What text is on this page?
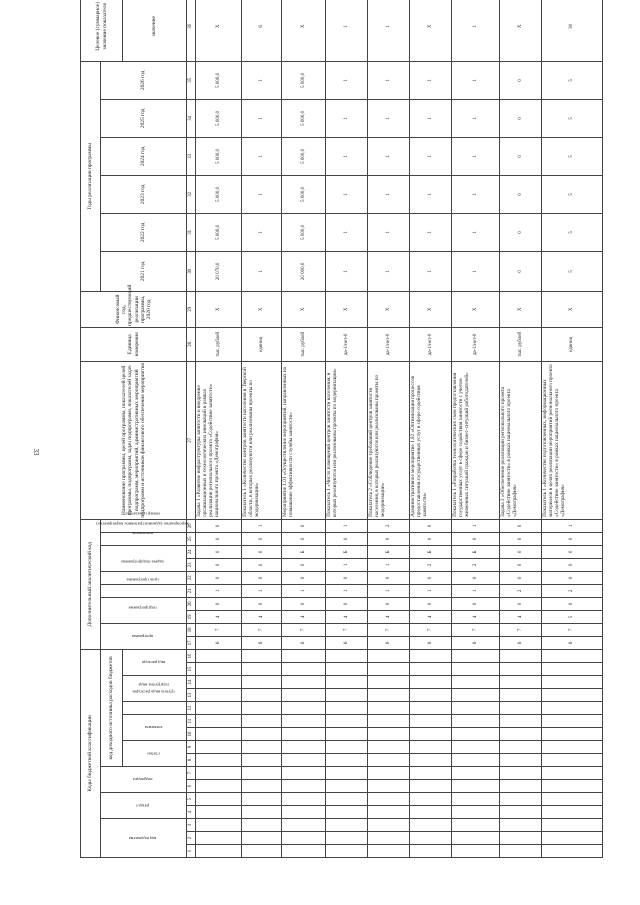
33
Коды бюджетной классификации																Дополнительный аналитический код										Наименование программы, целей программы, показателей целей программы, подпрограмм, задач подпрограмм, показателей задач подпрограмм, мероприятий, административных мероприятий подпрограмм и источников финансового обеспечения мероприятия	Единица измерения	Финансовый год, предшествующий реализации программы, 2020 год	Годы реализации программы						Целевое (суммарное) значение показателя	
код ведомства			раздел		подраздел		код доходного источника расходов бюджетов									программа		подпрограмма		цель программы	задача подпрограммы	мероприятие (административное мероприятие)		показатель	номер показателя				2021 год	2022 год	2023 год	2024 год	2025 год	2026 год		
							статьи		элемента		группа вида расходов	подгруппа вида		вид расхода																					значение	
1	2	3	4	5	6	7	8	9	10	11	12	13	14	15	16	17	18	19	20	21	22	23	24	25	26	27	28	29	30	31	32	33	34	35	36	
																6	7	4	0	1	0	0	0	0	0	Задача 1 «Развитие инфраструктуры занятости и внедрение организационных и технологических инноваций в рамках реализации регионального проекта «Содействие занятости» национального проекта «Демография»	тыс. рублей	X	20 070,0	5 000,0	5 000,0	5 000,0	5 000,0	5 000,0	X	
																6	7	4	0	1	0	0	0	0	1	Показатель 1 «Количество центров занятости населения в Тверской области, в которых реализуются или реализованы проекты по модернизации»	единиц	X	1	1	1	1	1	1	6	
																6	7	4	0	1	0	0	Б	0	0	Мероприятие 1.01 «Осуществление мероприятий, направленных на повышение эффективности службы занятости»	тыс. рублей	X	20 000,0	5 000,0	5 000,0	5 000,0	5 000,0	5 000,0	X	
																6	7	4	0	1	0	1	Б	0	1	Показатель 1 «Число помещений центров занятости населения, в которых реализуются или реализованы проекты по модернизации»	да-1/нет-0	X	1	1	1	1	1	1	1	
																6	7	4	0	1	0	1	Б	0	2	Показатель 2 «Соблюдение требований центров занятости населения, в которых реализуются или реализованы проекты по модернизации»	да-1/нет-0	X	1	1	1	1	1	1	1	
																6	7	4	0	1	0	2	Б	0	0	Административное мероприятие 1.02 «Оптимизация процессов предоставления государственных услуг в сфере содействия занятости»	да-1/нет-0	X	1	1	1	1	1	1	X	
																6	7	4	0	1	0	2	Б	0	1	Показатель 1 «Разработка технологических схем предоставления государственных услуг в сфере содействия занятости с учетом жизненных ситуаций граждан и бизнес-ситуаций работодателей»	да-1/нет-0	X	1	1	1	1	1	1	1	
																6	7	4	0	2	0	0	0	0	0	Задача 2 «Обеспечение реализации регионального проекта «Содействие занятости» в рамках национального проекта «Демография»	тыс. рублей	X	0	0	0	0	0	0	X	
																6	7	5	0	2	0	0	0	0	1	Показатель 1 «Количество подготовленных, информационных материалов в целях реализации мероприятий регионального проекта «Содействие занятости» в рамках национального проекта «Демография»	единиц	X	5	5	5	5	5	5	30	
